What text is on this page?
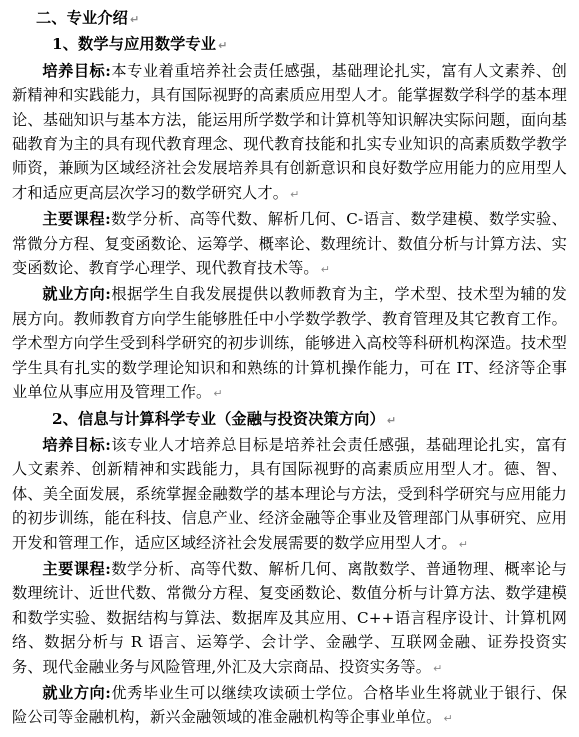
二、专业介绍 ↵

1、数学与应用数学专业 ↵

培养目标:本专业着重培养社会责任感强，基础理论扎实，富有人文素养、创新精神和实践能力，具有国际视野的高素质应用型人才。能掌握数学科学的基本理论、基础知识与基本方法，能运用所学数学和计算机等知识解决实际问题，面向基础教育为主的具有现代教育理念、现代教育技能和扎实专业知识的高素质数学教学师资，兼顾为区域经济社会发展培养具有创新意识和良好数学应用能力的应用型人才和适应更高层次学习的数学研究人才。 ↵

主要课程:数学分析、高等代数、解析几何、C-语言、数学建模、数学实验、常微分方程、复变函数论、运筹学、概率论、数理统计、数值分析与计算方法、实变函数论、教育学心理学、现代教育技术等。 ↵

就业方向:根据学生自我发展提供以教师教育为主，学术型、技术型为辅的发展方向。教师教育方向学生能够胜任中小学数学教学、教育管理及其它教育工作。学术型方向学生受到科学研究的初步训练，能够进入高校等科研机构深造。技术型学生具有扎实的数学理论知识和和熟练的计算机操作能力，可在 IT、经济等企事业单位从事应用及管理工作。 ↵

2、信息与计算科学专业（金融与投资决策方向） ↵

培养目标:该专业人才培养总目标是培养社会责任感强，基础理论扎实，富有人文素养、创新精神和实践能力，具有国际视野的高素质应用型人才。德、智、体、美全面发展，系统掌握金融数学的基本理论与方法，受到科学研究与应用能力的初步训练，能在科技、信息产业、经济金融等企事业及管理部门从事研究、应用开发和管理工作，适应区域经济社会发展需要的数学应用型人才。 ↵

主要课程:数学分析、高等代数、解析几何、离散数学、普通物理、概率论与数理统计、近世代数、常微分方程、复变函数论、数值分析与计算方法、数学建模和数学实验、数据结构与算法、数据库及其应用、C++语言程序设计、计算机网络、数据分析与 R 语言、运筹学、会计学、金融学、互联网金融、证券投资实务、现代金融业务与风险管理,外汇及大宗商品、投资实务等。 ↵

就业方向:优秀毕业生可以继续攻读硕士学位。合格毕业生将就业于银行、保险公司等金融机构，新兴金融领域的准金融机构等企事业单位。 ↵
